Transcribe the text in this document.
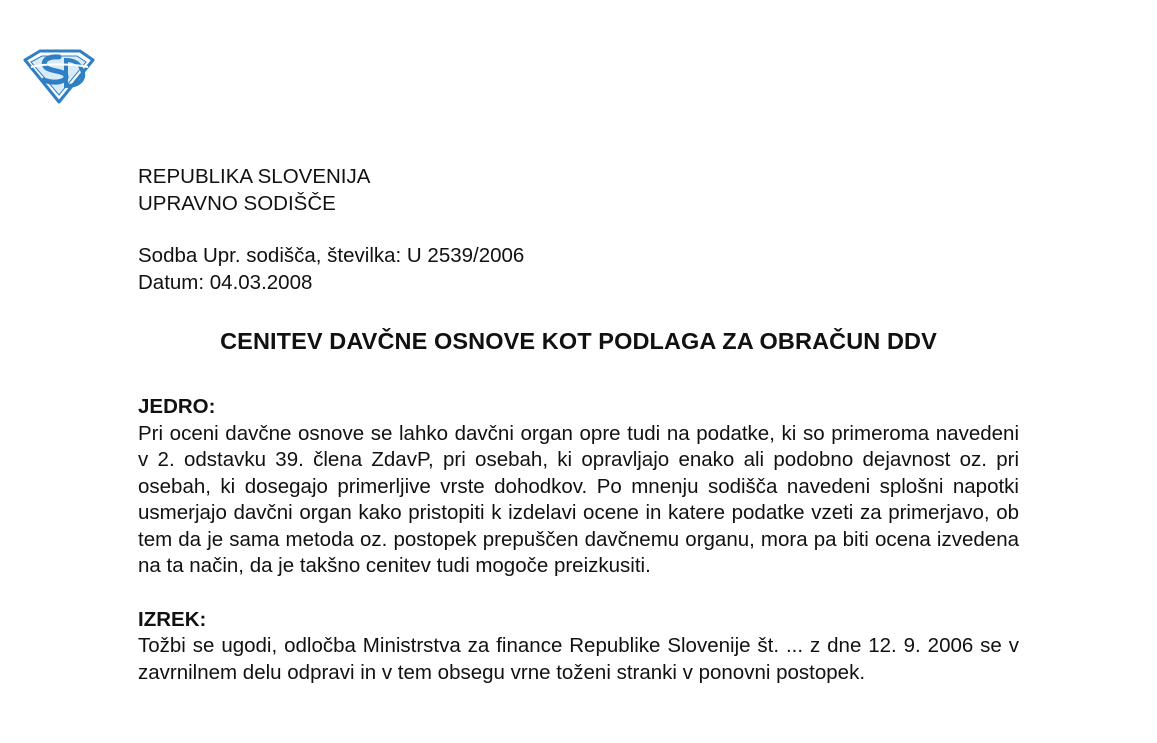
REPUBLIKA SLOVENIJA

UPRAVNO SODIŠČE

Sodba Upr. sodišča, številka: U 2539/2006

Datum: 04.03.2008

CENITEV DAVČNE OSNOVE KOT PODLAGA ZA OBRAČUN DDV

JEDRO:

Pri oceni davčne osnove se lahko davčni organ opre tudi na podatke, ki so primeroma navedeni v 2. odstavku 39. člena ZdavP, pri osebah, ki opravljajo enako ali podobno dejavnost oz. pri osebah, ki dosegajo primerljive vrste dohodkov. Po mnenju sodišča navedeni splošni napotki usmerjajo davčni organ kako pristopiti k izdelavi ocene in katere podatke vzeti za primerjavo, ob tem da je sama metoda oz. postopek prepuščen davčnemu organu, mora pa biti ocena izvedena na ta način, da je takšno cenitev tudi mogoče preizkusiti.

IZREK:

Tožbi se ugodi, odločba Ministrstva za finance Republike Slovenije št. ... z dne 12. 9. 2006 se v zavrnilnem delu odpravi in v tem obsegu vrne toženi stranki v ponovni postopek.
